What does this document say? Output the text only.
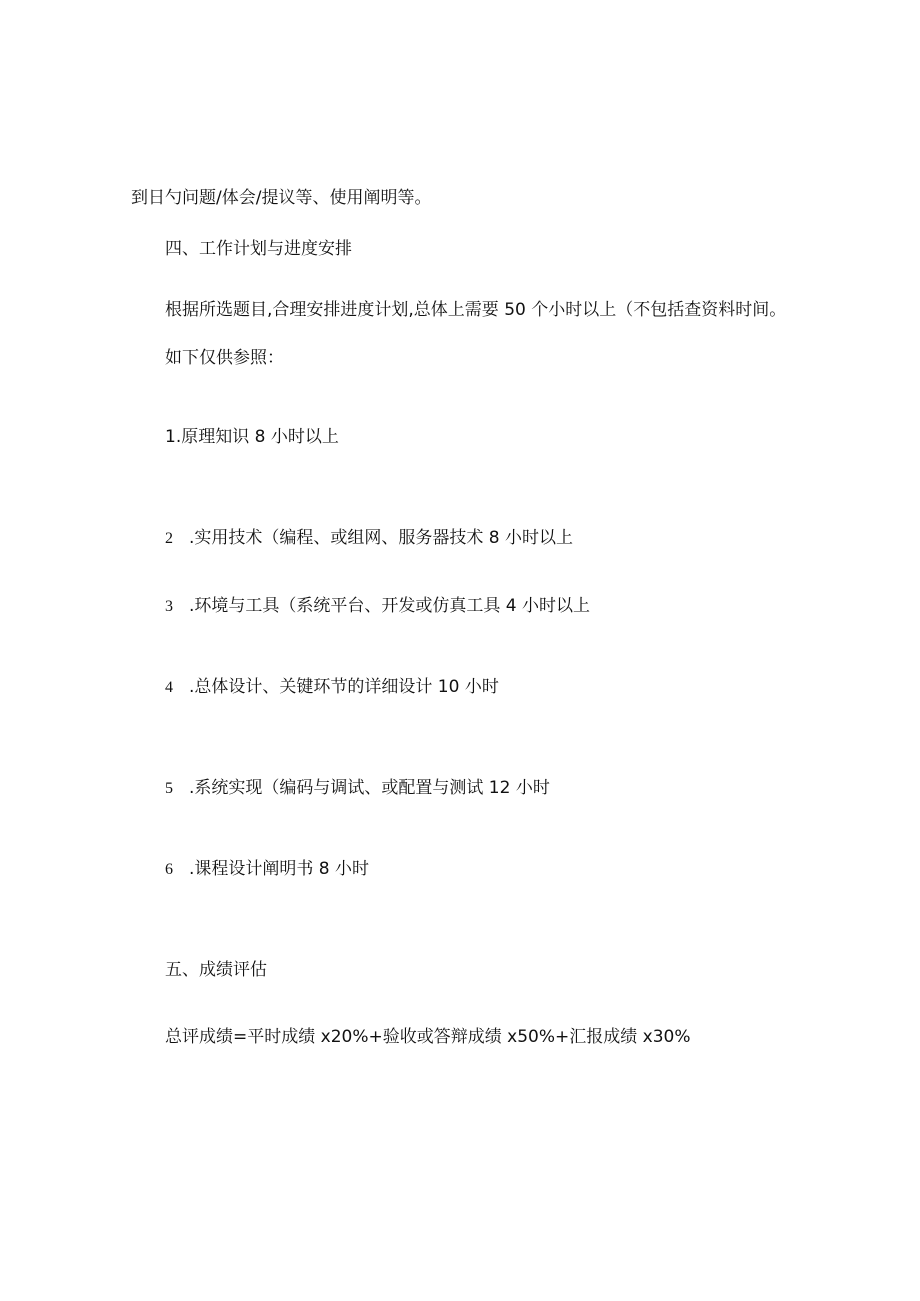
到日勺问题/体会/提议等、使用阐明等。
四、工作计划与进度安排
根据所选题目,合理安排进度计划,总体上需要 50 个小时以上（不包括查资料时间。
如下仅供参照：
1.原理知识 8 小时以上
2 .实用技术（编程、或组网、服务器技术 8 小时以上
3 .环境与工具（系统平台、开发或仿真工具 4 小时以上
4 .总体设计、关键环节的详细设计 10 小时
5 .系统实现（编码与调试、或配置与测试 12 小时
6 .课程设计阐明书 8 小时
五、成绩评估
总评成绩=平时成绩 x20%+验收或答辩成绩 x50%+汇报成绩 x30%
